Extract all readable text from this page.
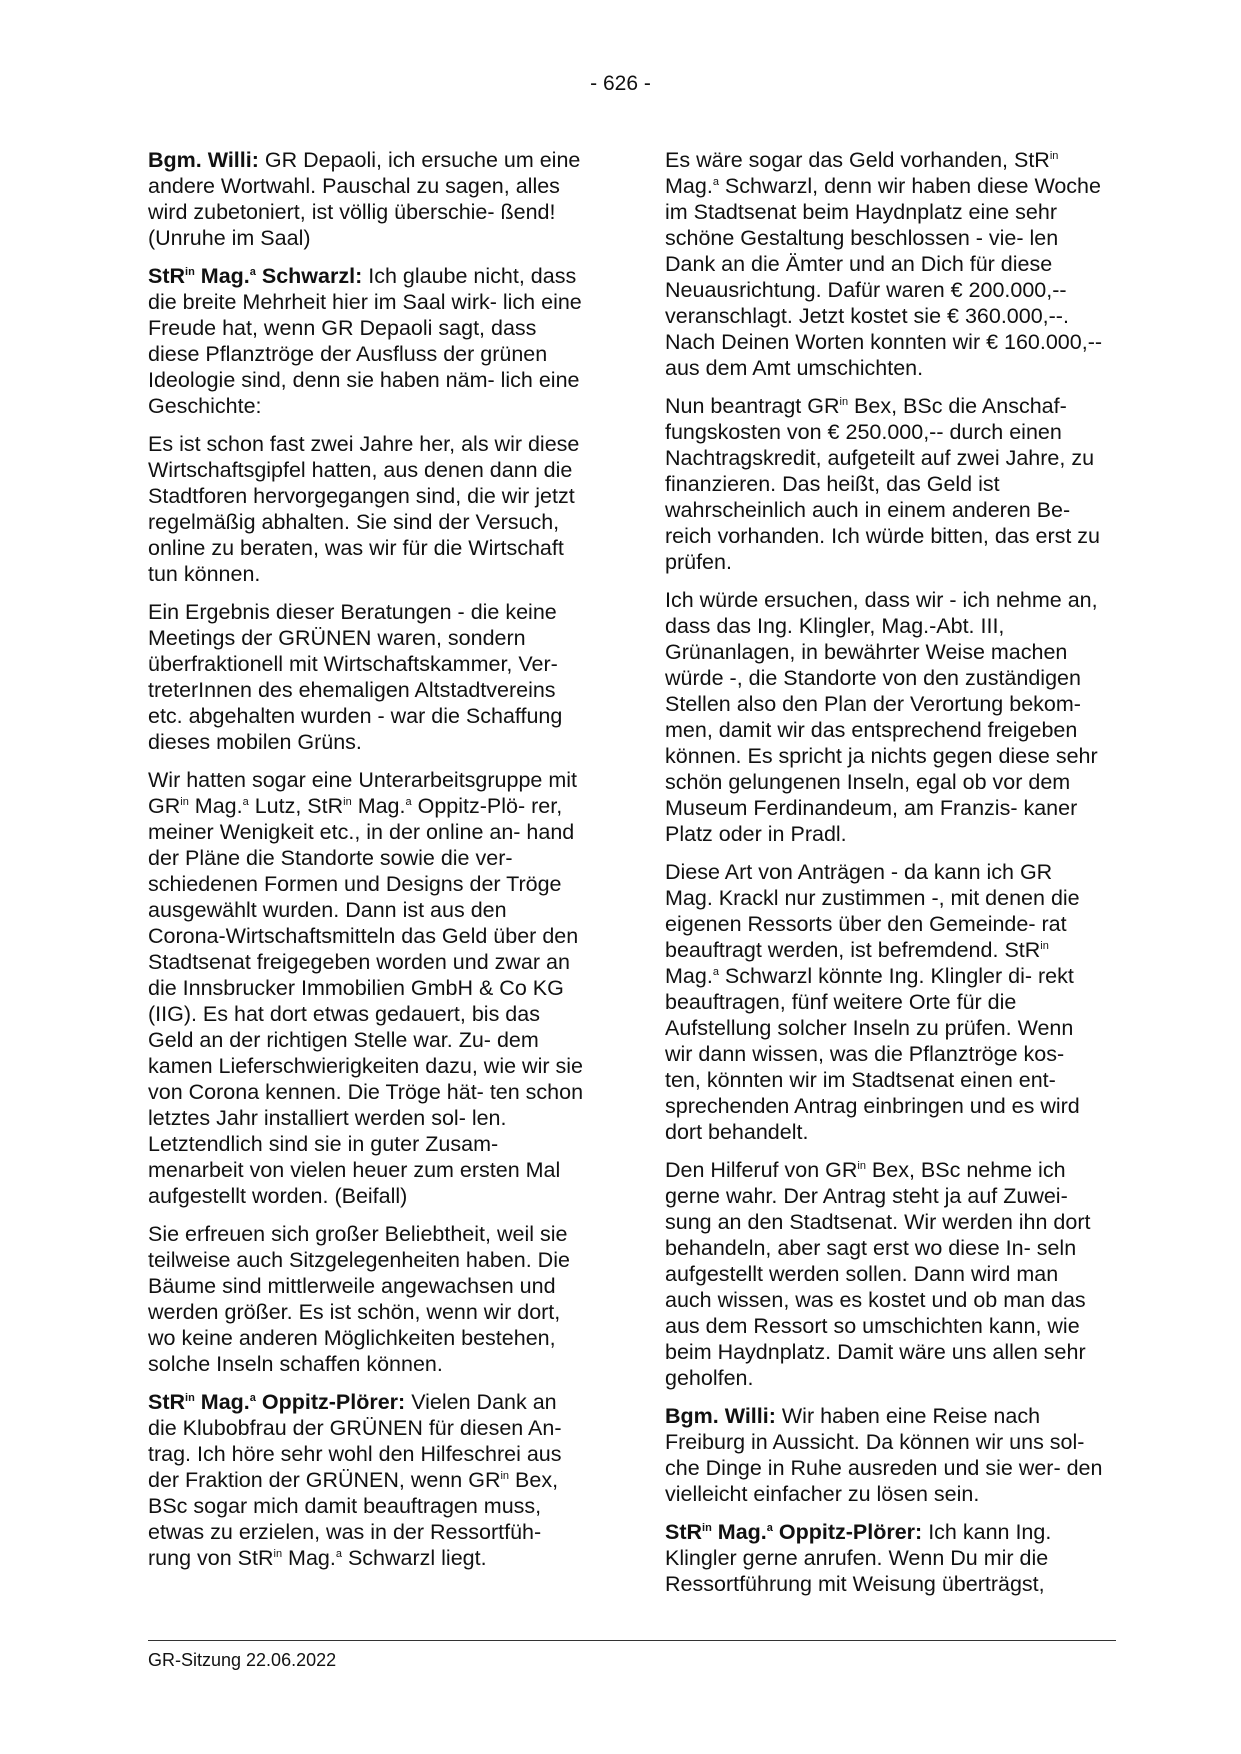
- 626 -

Bgm. Willi: GR Depaoli, ich ersuche um eine andere Wortwahl. Pauschal zu sagen, alles wird zubetoniert, ist völlig überschie- ßend! (Unruhe im Saal)

StR$^{in}$ Mag.$^a$ Schwarzl: Ich glaube nicht, dass die breite Mehrheit hier im Saal wirk- lich eine Freude hat, wenn GR Depaoli sagt, dass diese Pflanztröge der Ausfluss der grünen Ideologie sind, denn sie haben näm- lich eine Geschichte:

Es ist schon fast zwei Jahre her, als wir diese Wirtschaftsgipfel hatten, aus denen dann die Stadtforen hervorgegangen sind, die wir jetzt regelmäßig abhalten. Sie sind der Versuch, online zu beraten, was wir für die Wirtschaft tun können.

Ein Ergebnis dieser Beratungen - die keine Meetings der GRÜNEN waren, sondern überfraktionell mit Wirtschaftskammer, Ver- treterInnen des ehemaligen Altstadtvereins etc. abgehalten wurden - war die Schaffung dieses mobilen Grüns.

Wir hatten sogar eine Unterarbeitsgruppe mit $GR^{in}$ Mag.$^a$ Lutz, StR$^{in}$ Mag.$^a$ Oppitz-Plö- rer, meiner Wenigkeit etc., in der online an- hand der Pläne die Standorte sowie die ver- schiedenen Formen und Designs der Tröge ausgewählt wurden. Dann ist aus den Corona-Wirtschaftsmitteln das Geld über den Stadtsenat freigegeben worden und zwar an die Innsbrucker Immobilien GmbH & Co KG (IIG). Es hat dort etwas gedauert, bis das Geld an der richtigen Stelle war. Zu- dem kamen Lieferschwierigkeiten dazu, wie wir sie von Corona kennen. Die Tröge hät- ten schon letztes Jahr installiert werden sol- len. Letztendlich sind sie in guter Zusam- menarbeit von vielen heuer zum ersten Mal aufgestellt worden. (Beifall)

Sie erfreuen sich großer Beliebtheit, weil sie teilweise auch Sitzgelegenheiten haben. Die Bäume sind mittlerweile angewachsen und werden größer. Es ist schön, wenn wir dort, wo keine anderen Möglichkeiten bestehen, solche Inseln schaffen können.

StR$^{in}$ Mag.$^a$ Oppitz-Plörer: Vielen Dank an die Klubobfrau der GRÜNEN für diesen An- trag. Ich höre sehr wohl den Hilfeschrei aus der Fraktion der GRÜNEN, wenn $GR^{in}$ Bex, BSc sogar mich damit beauftragen muss, etwas zu erzielen, was in der Ressortfüh- rung von StR$^{in}$ Mag.$^a$ Schwarzl liegt.

Es wäre sogar das Geld vorhanden, StR$^{in}$ Mag.$^a$ Schwarzl, denn wir haben diese Woche im Stadtsenat beim Haydnplatz eine sehr schöne Gestaltung beschlossen - vie- len Dank an die Ämter und an Dich für diese Neuausrichtung. Dafür waren € 200.000,-- veranschlagt. Jetzt kostet sie € 360.000,--. Nach Deinen Worten konnten wir € 160.000,-- aus dem Amt umschichten.

Nun beantragt $GR^{in}$ Bex, BSc die Anschaf- fungskosten von € 250.000,-- durch einen Nachtragskredit, aufgeteilt auf zwei Jahre, zu finanzieren. Das heißt, das Geld ist wahrscheinlich auch in einem anderen Be- reich vorhanden. Ich würde bitten, das erst zu prüfen.

Ich würde ersuchen, dass wir - ich nehme an, dass das Ing. Klingler, Mag.-Abt. III, Grünanlagen, in bewährter Weise machen würde -, die Standorte von den zuständigen Stellen also den Plan der Verortung bekom- men, damit wir das entsprechend freigeben können. Es spricht ja nichts gegen diese sehr schön gelungenen Inseln, egal ob vor dem Museum Ferdinandeum, am Franzis- kaner Platz oder in Pradl.

Diese Art von Anträgen - da kann ich GR Mag. Krackl nur zustimmen -, mit denen die eigenen Ressorts über den Gemeinde- rat beauftragt werden, ist befremdend. StR$^{in}$ Mag.$^a$ Schwarzl könnte Ing. Klingler di- rekt beauftragen, fünf weitere Orte für die Aufstellung solcher Inseln zu prüfen. Wenn wir dann wissen, was die Pflanztröge kos- ten, könnten wir im Stadtsenat einen ent- sprechenden Antrag einbringen und es wird dort behandelt.

Den Hilferuf von $GR^{in}$ Bex, BSc nehme ich gerne wahr. Der Antrag steht ja auf Zuwei- sung an den Stadtsenat. Wir werden ihn dort behandeln, aber sagt erst wo diese In- seln aufgestellt werden sollen. Dann wird man auch wissen, was es kostet und ob man das aus dem Ressort so umschichten kann, wie beim Haydnplatz. Damit wäre uns allen sehr geholfen.

Bgm. Willi: Wir haben eine Reise nach Freiburg in Aussicht. Da können wir uns sol- che Dinge in Ruhe ausreden und sie wer- den vielleicht einfacher zu lösen sein.

StR$^{in}$ Mag.$^a$ Oppitz-Plörer: Ich kann Ing. Klingler gerne anrufen. Wenn Du mir die Ressortführung mit Weisung überträgst,

GR-Sitzung 22.06.2022
